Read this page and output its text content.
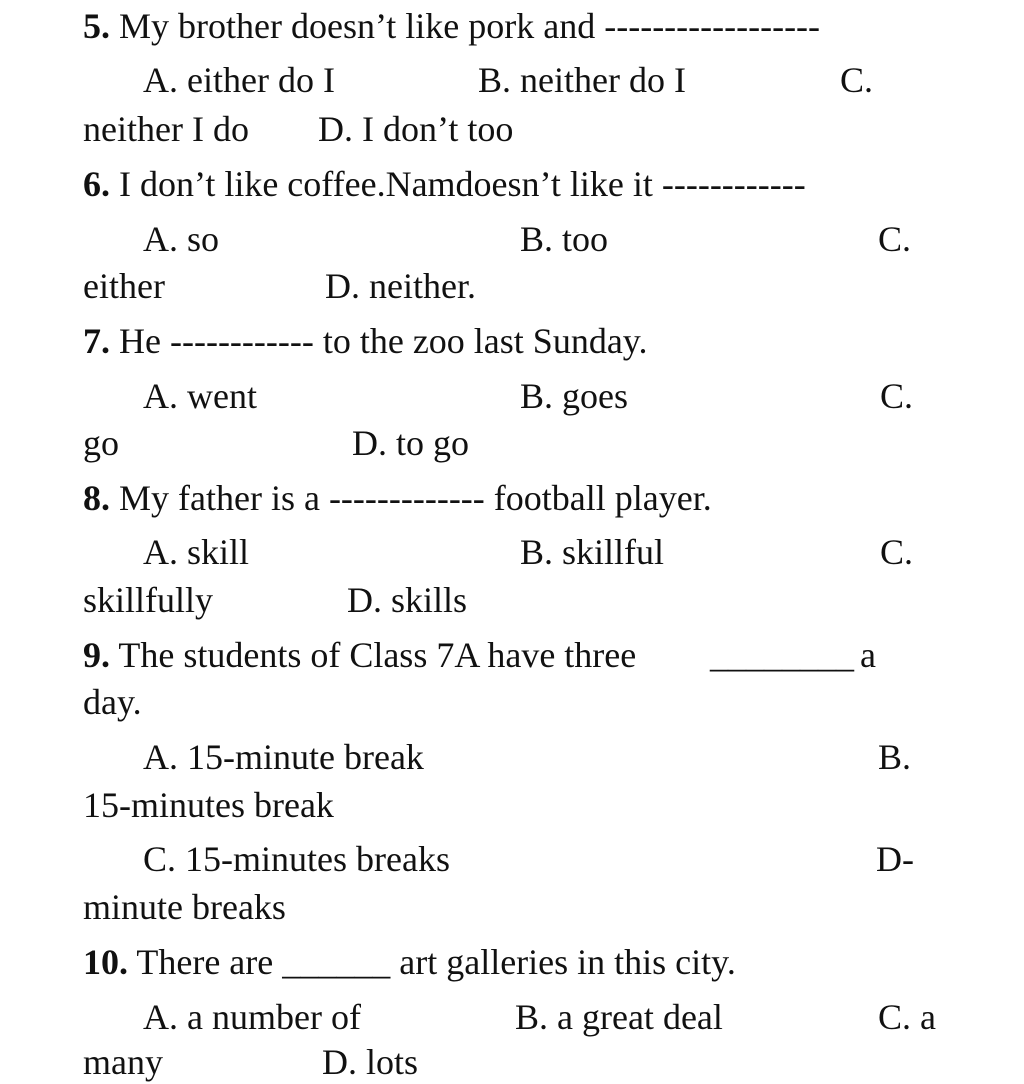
5. My brother doesn’t like pork and ------------------
A. either do I	B. neither do I	C.
neither I do D. I don’t too
6. I don’t like coffee.Namdoesn’t like it ------------
A. so	B. too	C.
either	D. neither.
7. He ------------ to the zoo last Sunday.
A. went	B. goes	C.
go	D. to go
8. My father is a ------------- football player.
A. skill	B. skillful	C.
skillfully	D. skills
9. The students of Class 7A have three ________ a
day.
A. 15-minute break	B.
15-minutes break
C. 15-minutes breaks	D-
minute breaks
10. There are ______ art galleries in this city.
A. a number of	B. a great deal	C. a
many	D. lots
